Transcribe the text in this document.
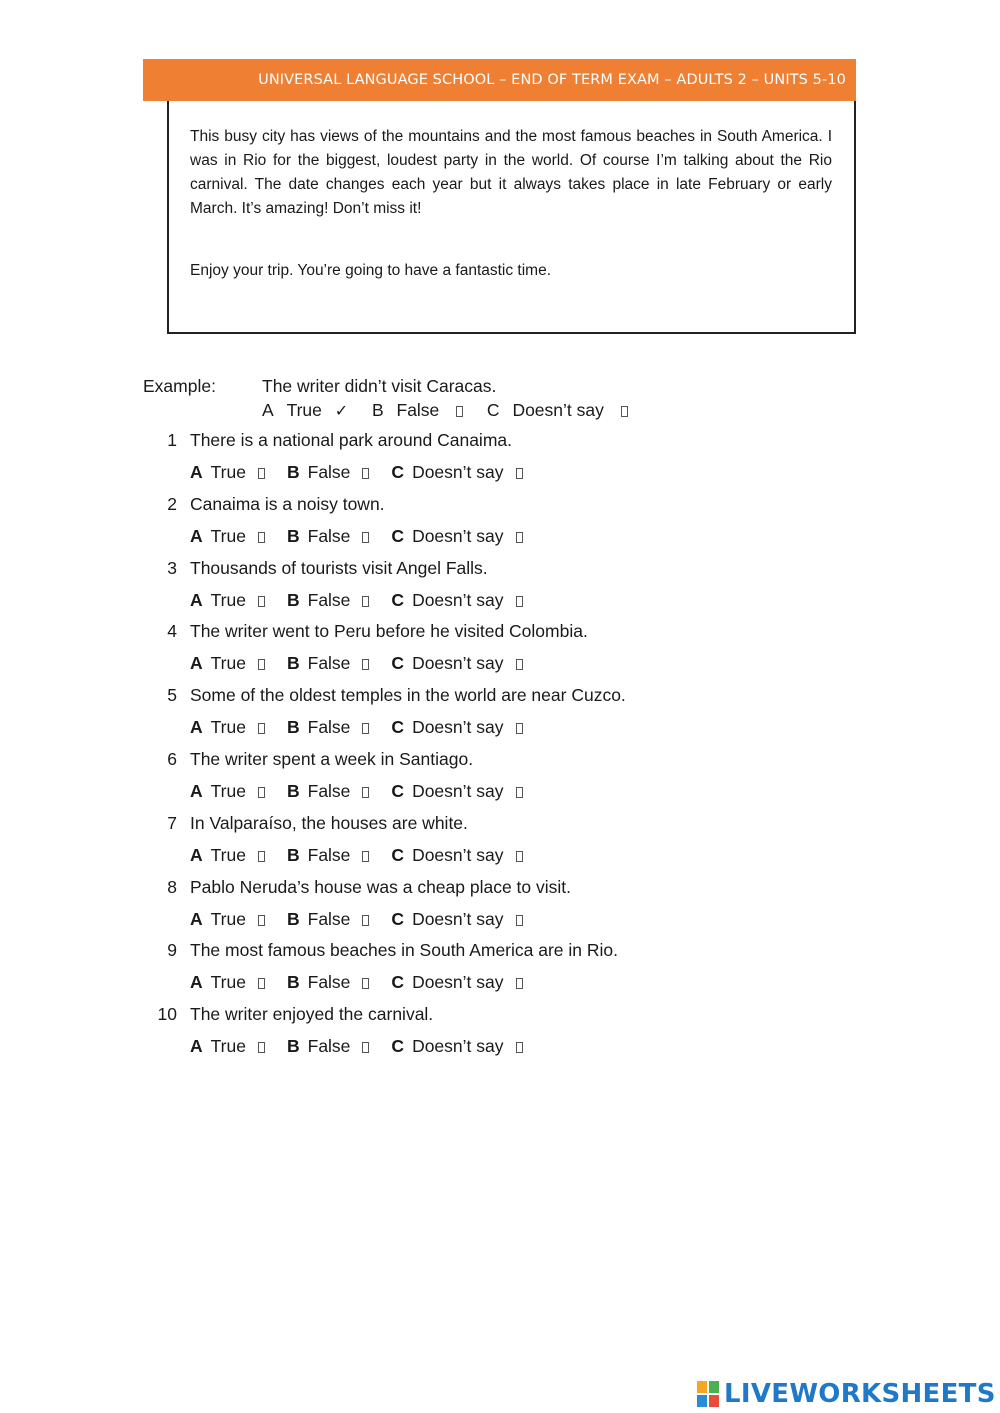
UNIVERSAL LANGUAGE SCHOOL – END OF TERM EXAM – ADULTS 2 – UNITS 5-10

This busy city has views of the mountains and the most famous beaches in South America. I was in Rio for the biggest, loudest party in the world. Of course I’m talking about the Rio carnival. The date changes each year but it always takes place in late February or early March. It’s amazing! Don’t miss it!

Enjoy your trip. You’re going to have a fantastic time.

Example:	The writer didn’t visit Caracas.
A True ✓ B False	C Doesn’t say
1 There is a national park around Canaima.
A True B False C Doesn’t say
2 Canaima is a noisy town.
A True B False C Doesn’t say
3 Thousands of tourists visit Angel Falls.
A True B False C Doesn’t say
4 The writer went to Peru before he visited Colombia.
A True B False C Doesn’t say
5 Some of the oldest temples in the world are near Cuzco.
A True B False C Doesn’t say
6 The writer spent a week in Santiago.
A True B False C Doesn’t say
7 In Valparaíso, the houses are white.
A True B False C Doesn’t say
8 Pablo Neruda’s house was a cheap place to visit.
A True B False C Doesn’t say
9 The most famous beaches in South America are in Rio.
A True B False C Doesn’t say
10 The writer enjoyed the carnival.
A True B False C Doesn’t say
LIVEWORKSHEETS
